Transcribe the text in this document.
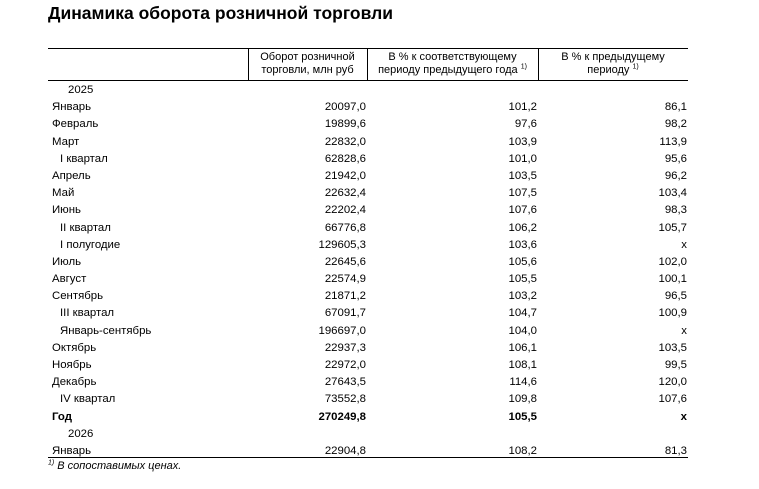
Динамика оборота розничной торговли
Оборот розничной
торговли, млн руб
В % к соответствующему
периоду предыдущего года $^{1)}$
В % к предыдущему
периоду $^{1)}$
2025
Январь	20097,0	101,2	86,1
Февраль	19899,6	97,6	98,2
Март	22832,0	103,9	113,9
I квартал	62828,6	101,0	95,6
Апрель	21942,0	103,5	96,2
Май	22632,4	107,5	103,4
Июнь	22202,4	107,6	98,3
II квартал	66776,8	106,2	105,7
I полугодие	129605,3	103,6	x
Июль	22645,6	105,6	102,0
Август	22574,9	105,5	100,1
Сентябрь	21871,2	103,2	96,5
III квартал	67091,7	104,7	100,9
Январь-сентябрь	196697,0	104,0	x
Октябрь	22937,3	106,1	103,5
Ноябрь	22972,0	108,1	99,5
Декабрь	27643,5	114,6	120,0
IV квартал	73552,8	109,8	107,6
Год	270249,8	105,5	x
2026
Январь	22904,8	108,2	81,3
$^{1)}$ В сопоставимых ценах.
